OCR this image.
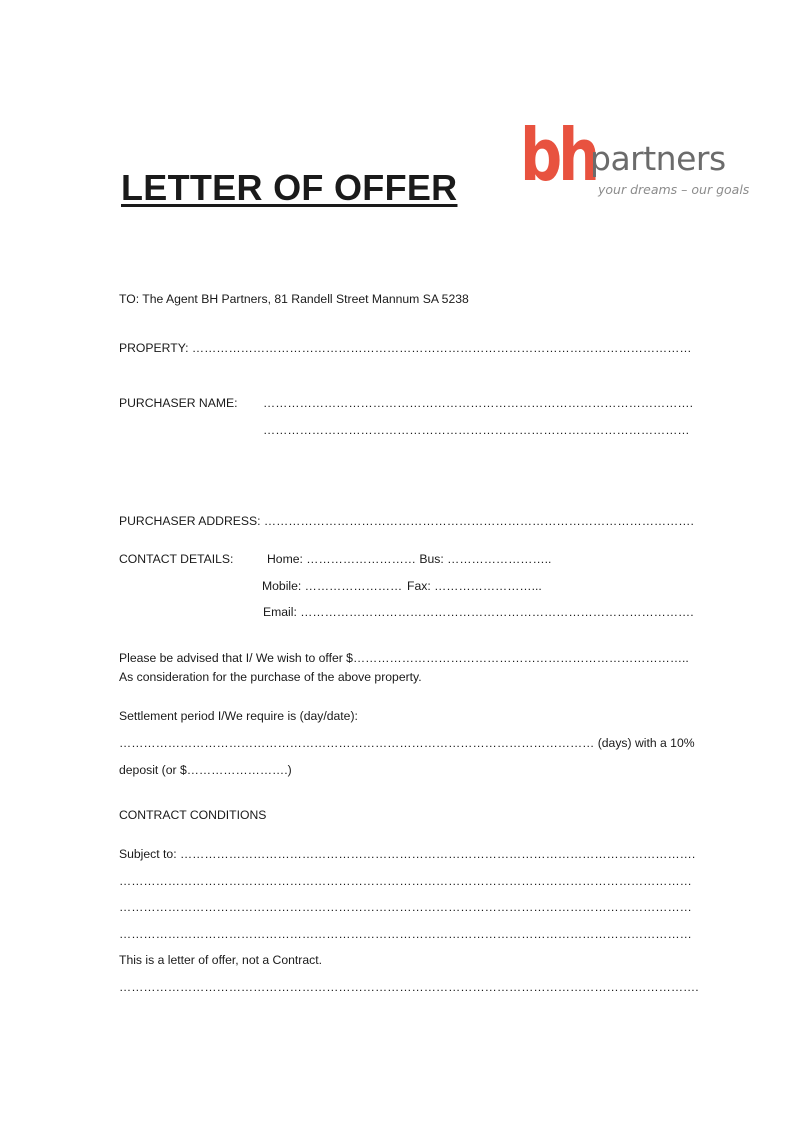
LETTER OF OFFER bh
partners
your dreams – our goals
TO: The Agent BH Partners, 81 Randell Street Mannum SA 5238
PROPERTY: ……………………………………………………………………………………………………………
PURCHASER NAME: …………………………………………………………………………………………….
……………………………………………………………………………………………
PURCHASER ADDRESS: …………………………………………………………………………………………….
CONTACT DETAILS:	Home: ……………………… Bus: ……………………..
Mobile: …………………… Fax: ……………………...
Email: …………………………………………………………………………………….
Please be advised that I/ We wish to offer $………………………………………………………………………..
As consideration for the purchase of the above property.
Settlement period I/We require is (day/date):
……………………………………………………………………………………………………… (days) with a 10%
deposit (or $…………………….)
CONTRACT CONDITIONS
Subject to: ……………………………………………………………………………………………………………….
……………………………………………………………………………………………………………………………
……………………………………………………………………………………………………………………………
……………………………………………………………………………………………………………………………
This is a letter of offer, not a Contract.
……………………………………………………………………………………………………………….…………….
